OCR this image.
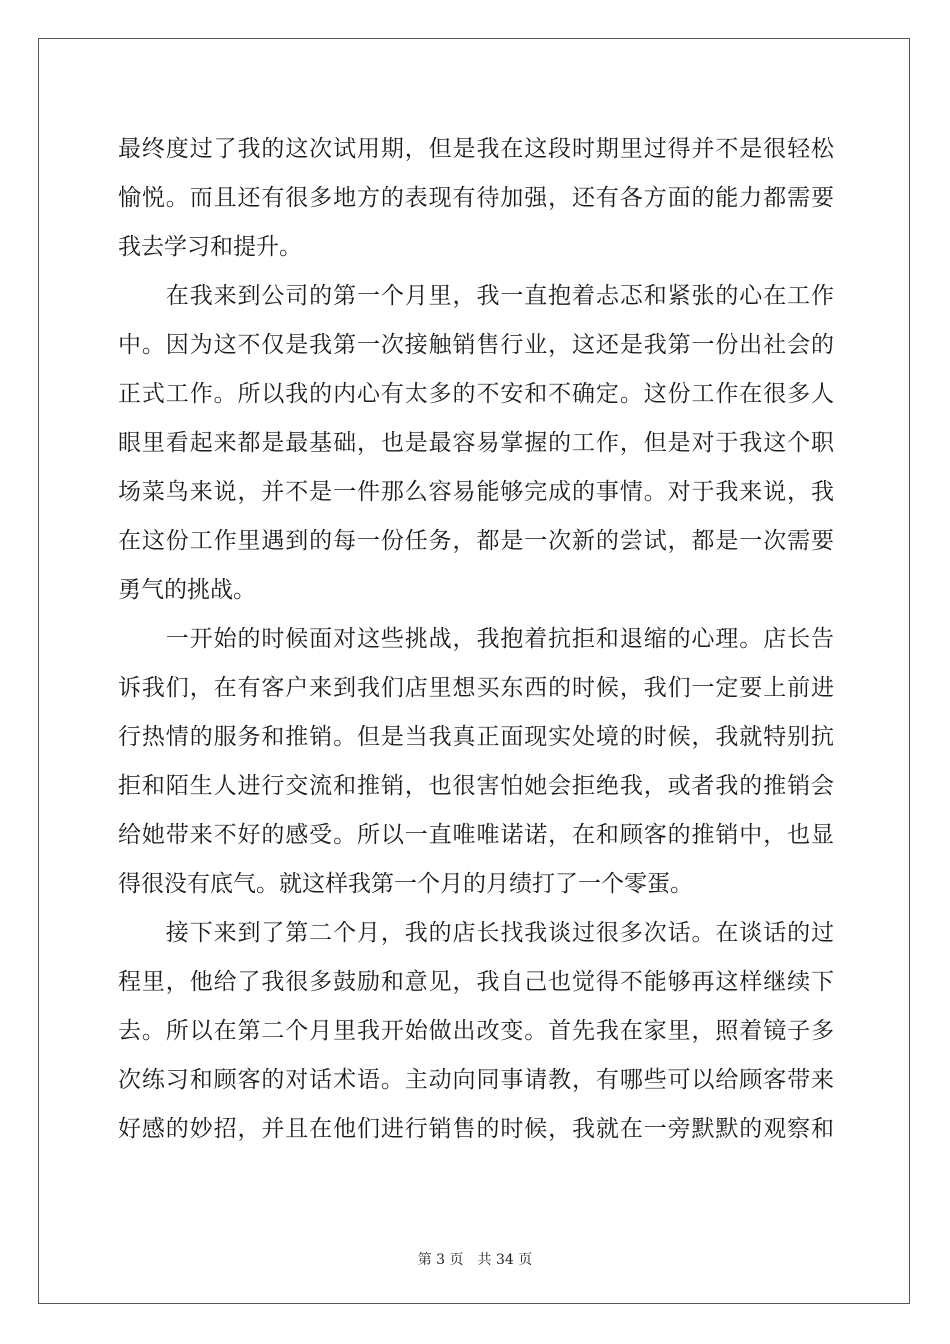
最终度过了我的这次试用期，但是我在这段时期里过得并不是很轻松
愉悦。而且还有很多地方的表现有待加强，还有各方面的能力都需要
我去学习和提升。
　　在我来到公司的第一个月里，我一直抱着忐忑和紧张的心在工作
中。因为这不仅是我第一次接触销售行业，这还是我第一份出社会的
正式工作。所以我的内心有太多的不安和不确定。这份工作在很多人
眼里看起来都是最基础，也是最容易掌握的工作，但是对于我这个职
场菜鸟来说，并不是一件那么容易能够完成的事情。对于我来说，我
在这份工作里遇到的每一份任务，都是一次新的尝试，都是一次需要
勇气的挑战。
　　一开始的时候面对这些挑战，我抱着抗拒和退缩的心理。店长告
诉我们，在有客户来到我们店里想买东西的时候，我们一定要上前进
行热情的服务和推销。但是当我真正面现实处境的时候，我就特别抗
拒和陌生人进行交流和推销，也很害怕她会拒绝我，或者我的推销会
给她带来不好的感受。所以一直唯唯诺诺，在和顾客的推销中，也显
得很没有底气。就这样我第一个月的月绩打了一个零蛋。
　　接下来到了第二个月，我的店长找我谈过很多次话。在谈话的过
程里，他给了我很多鼓励和意见，我自己也觉得不能够再这样继续下
去。所以在第二个月里我开始做出改变。首先我在家里，照着镜子多
次练习和顾客的对话术语。主动向同事请教，有哪些可以给顾客带来
好感的妙招，并且在他们进行销售的时候，我就在一旁默默的观察和
第 3 页　共 34 页
